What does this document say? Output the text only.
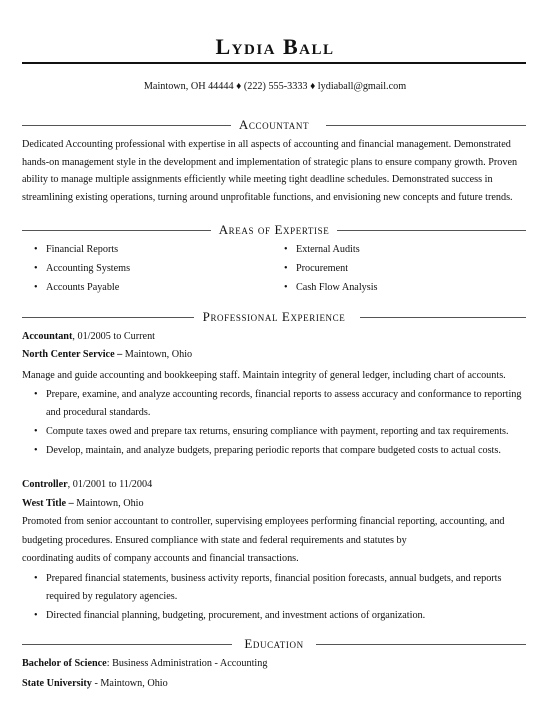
Lydia Ball
Maintown, OH 44444 ♦ (222) 555-3333 ♦ lydiaball@gmail.com
Accountant
Dedicated Accounting professional with expertise in all aspects of accounting and financial management. Demonstrated hands-on management style in the development and implementation of strategic plans to ensure company growth. Proven ability to manage multiple assignments efficiently while meeting tight deadline schedules. Demonstrated success in streamlining existing operations, turning around unprofitable functions, and envisioning new concepts and future trends.
Areas of Expertise
• Financial Reports
• Accounting Systems
• Accounts Payable
• External Audits
• Procurement
• Cash Flow Analysis
Professional Experience
Accountant, 01/2005 to Current
North Center Service – Maintown, Ohio
Manage and guide accounting and bookkeeping staff. Maintain integrity of general ledger, including chart of accounts.
• Prepare, examine, and analyze accounting records, financial reports to assess accuracy and conformance to reporting and procedural standards.
• Compute taxes owed and prepare tax returns, ensuring compliance with payment, reporting and tax requirements.
• Develop, maintain, and analyze budgets, preparing periodic reports that compare budgeted costs to actual costs.
Controller, 01/2001 to 11/2004
West Title – Maintown, Ohio
Promoted from senior accountant to controller, supervising employees performing financial reporting, accounting, and
budgeting procedures. Ensured compliance with state and federal requirements and statutes by
coordinating audits of company accounts and financial transactions.
• Prepared financial statements, business activity reports, financial position forecasts, annual budgets, and reports required by regulatory agencies.
• Directed financial planning, budgeting, procurement, and investment actions of organization.
Education
Bachelor of Science: Business Administration - Accounting
State University - Maintown, Ohio
